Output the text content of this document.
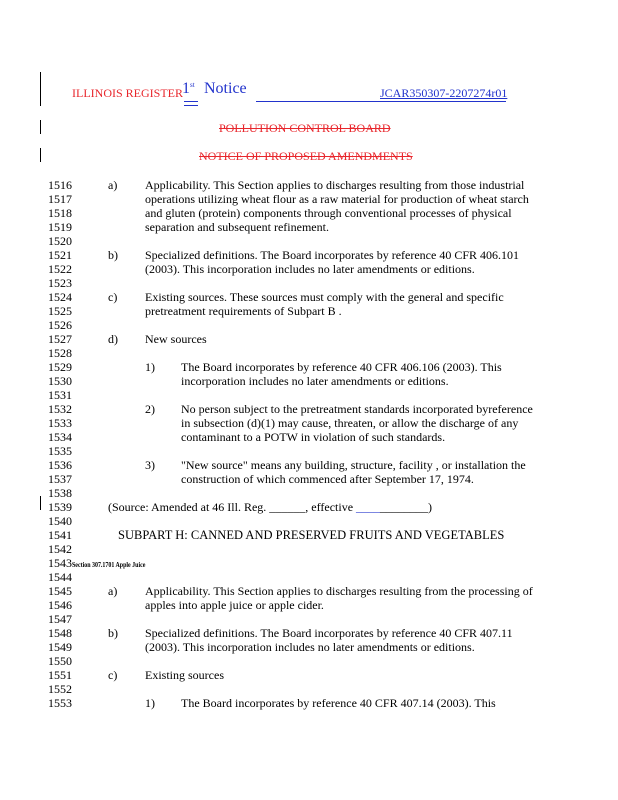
ILLINOIS REGISTER 1st Notice	JCAR350307-2207274r01
POLLUTION CONTROL BOARD
NOTICE OF PROPOSED AMENDMENTS
1516
1517
1518
1519
1520
1521
1522
1523
1524
1525
1526
1527
1528
1529
1530
1531
1532
1533
1534
1535
1536
1537
1538
1539
1540
1541
1542
1543Section 307.1701 Apple Juice
1544
1545
1546
1547
1548
1549
1550
1551
1552
1553
a) Applicability. This Section applies to discharges resulting from those industrial
operations utilizing wheat flour as a raw material for production of wheat starch
and gluten (protein) components through conventional processes of physical
separation and subsequent refinement.
b) Specialized definitions. The Board incorporates by reference 40 CFR 406.101
(2003). This incorporation includes no later amendments or editions.
c) Existing sources. These sources must comply with the general and specific
pretreatment requirements of Subpart B .
d) New sources
1) The Board incorporates by reference 40 CFR 406.106 (2003). This
incorporation includes no later amendments or editions.
2) No person subject to the pretreatment standards incorporated byreference
in subsection (d)(1) may cause, threaten, or allow the discharge of any
contaminant to a POTW in violation of such standards.
3) "New source" means any building, structure, facility , or installation the
construction of which commenced after September 17, 1974.
(Source: Amended at 46 Ill. Reg. ______, effective ____________)
SUBPART H: CANNED AND PRESERVED FRUITS AND VEGETABLES
a) Applicability. This Section applies to discharges resulting from the processing of
apples into apple juice or apple cider.
b) Specialized definitions. The Board incorporates by reference 40 CFR 407.11
(2003). This incorporation includes no later amendments or editions.
c) Existing sources
1) The Board incorporates by reference 40 CFR 407.14 (2003). This
